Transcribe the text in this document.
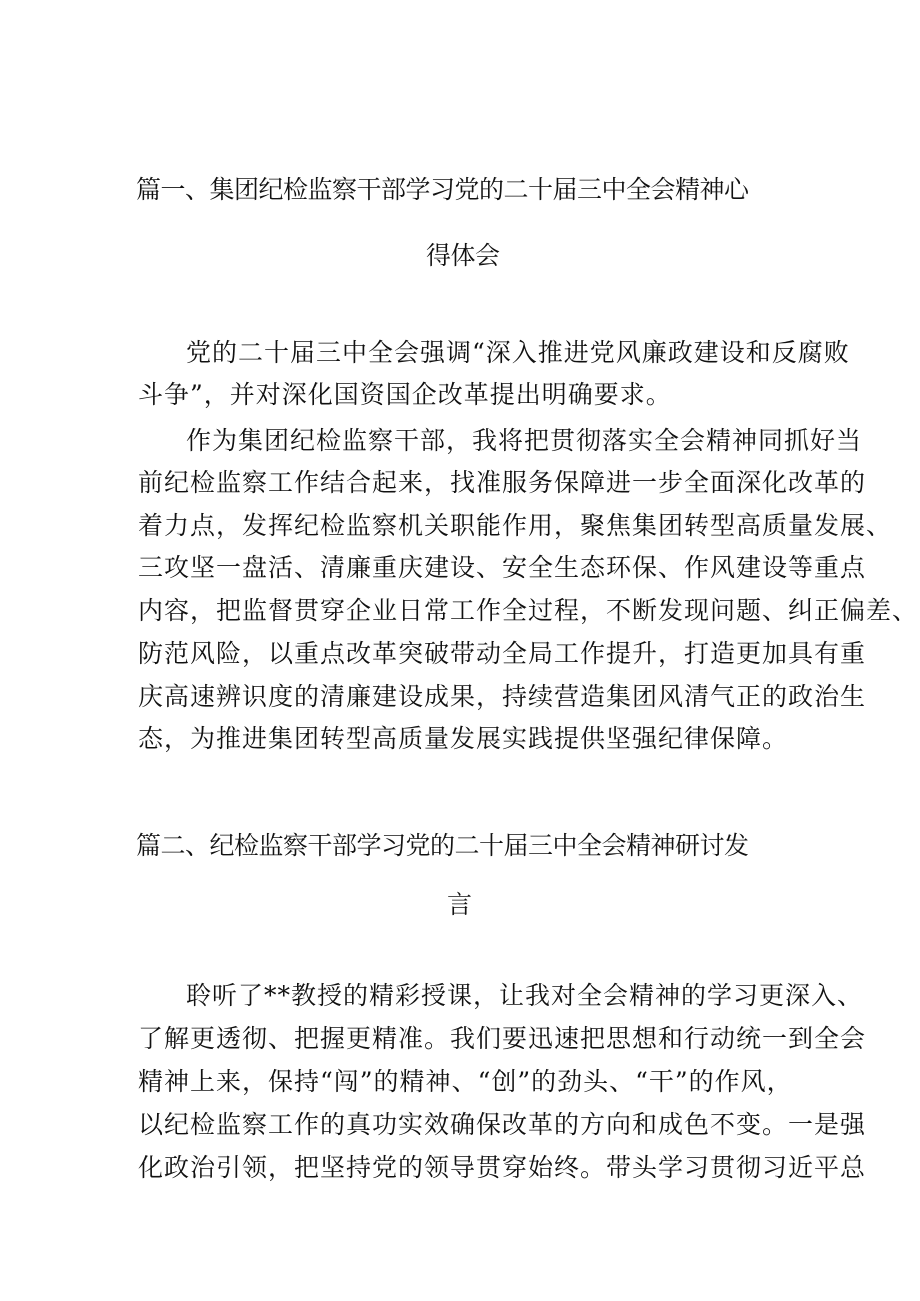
篇一、集团纪检监察干部学习党的二十届三中全会精神心
得体会
党的二十届三中全会强调“深入推进党风廉政建设和反腐败
斗争”，并对深化国资国企改革提出明确要求。
作为集团纪检监察干部，我将把贯彻落实全会精神同抓好当
前纪检监察工作结合起来，找准服务保障进一步全面深化改革的
着力点，发挥纪检监察机关职能作用，聚焦集团转型高质量发展、
三攻坚一盘活、清廉重庆建设、安全生态环保、作风建设等重点
内容，把监督贯穿企业日常工作全过程，不断发现问题、纠正偏差、
防范风险，以重点改革突破带动全局工作提升，打造更加具有重
庆高速辨识度的清廉建设成果，持续营造集团风清气正的政治生
态，为推进集团转型高质量发展实践提供坚强纪律保障。
篇二、纪检监察干部学习党的二十届三中全会精神研讨发
言
聆听了**教授的精彩授课，让我对全会精神的学习更深入、
了解更透彻、把握更精准。我们要迅速把思想和行动统一到全会
精神上来，保持“闯”的精神、“创”的劲头、“干”的作风，
以纪检监察工作的真功实效确保改革的方向和成色不变。一是强
化政治引领，把坚持党的领导贯穿始终。带头学习贯彻习近平总
